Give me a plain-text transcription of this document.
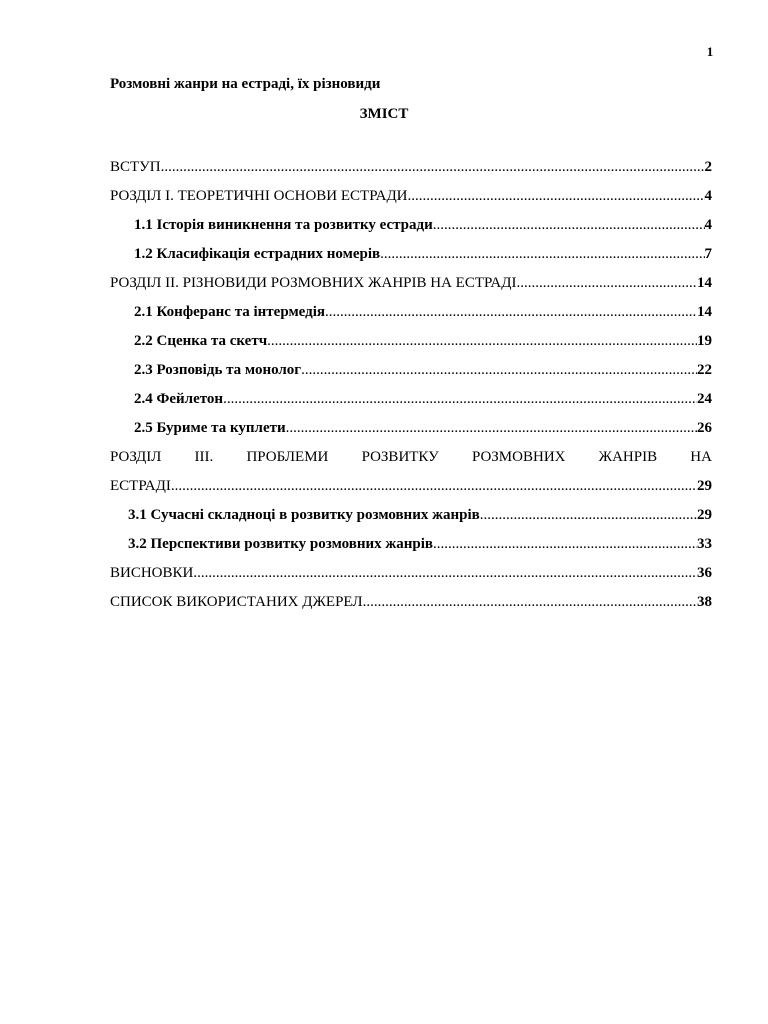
1
Розмовні жанри на естраді, їх різновиди
ЗМІСТ
ВСТУП .....	2
РОЗДІЛ І. ТЕОРЕТИЧНІ ОСНОВИ ЕСТРАДИ .....	4
1.1 Історія виникнення та розвитку естради .....	4
1.2 Класифікація естрадних номерів .....	7
РОЗДІЛ ІІ. РІЗНОВИДИ РОЗМОВНИХ ЖАНРІВ НА ЕСТРАДІ .....	14
2.1 Конферанс та інтермедія .....	14
2.2 Сценка та скетч .....	19
2.3 Розповідь та монолог .....	22
2.4 Фейлетон .....	24
2.5 Буриме та куплети .....	26
РОЗДІЛ ІІІ. ПРОБЛЕМИ РОЗВИТКУ РОЗМОВНИХ ЖАНРІВ НА
ЕСТРАДІ .....	29
3.1 Сучасні складноці в розвитку розмовних жанрів .....	29
3.2 Перспективи розвитку розмовних жанрів .....	33
ВИСНОВКИ .....	36
СПИСОК ВИКОРИСТАНИХ ДЖЕРЕЛ .....	38
